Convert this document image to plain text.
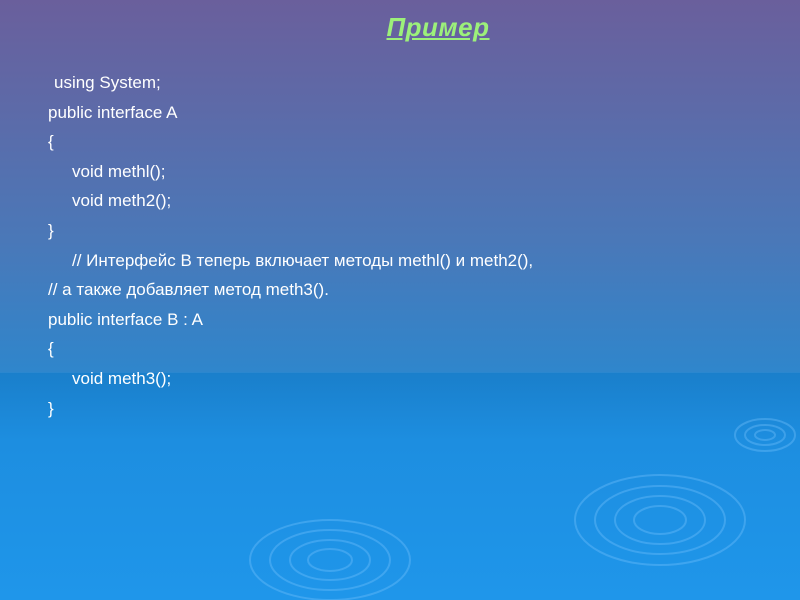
Пример
using System;
public interface A
{
void methl();
void meth2();
}
// Интерфейс В теперь включает методы methl() и meth2(),
// а также добавляет метод meth3().
public interface B : A
{
void meth3();
}
